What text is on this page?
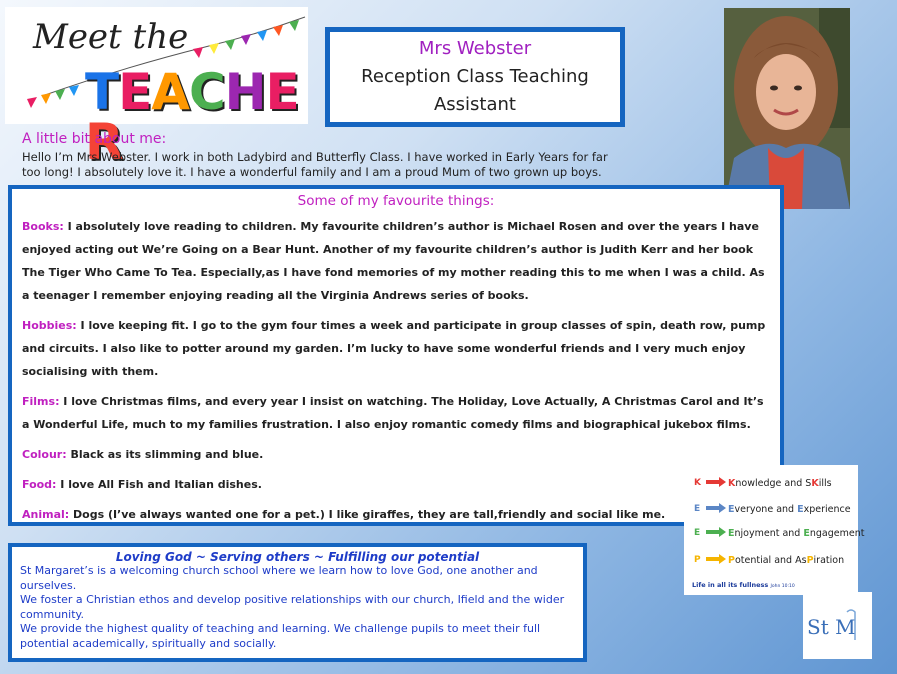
Meet the
TEACHER
Mrs Webster
Reception Class Teaching Assistant
A little bit about me:
Hello I’m Mrs Webster. I work in both Ladybird and Butterfly Class. I have worked in Early Years for far too long! I absolutely love it. I have a wonderful family and I am a proud Mum of two grown up boys.
Some of my favourite things:

Books: I absolutely love reading to children. My favourite children’s author is Michael Rosen and over the years I have enjoyed acting out We’re Going on a Bear Hunt. Another of my favourite children’s author is Judith Kerr and her book The Tiger Who Came To Tea. Especially,as I have fond memories of my mother reading this to me when I was a child. As a teenager I remember enjoying reading all the Virginia Andrews series of books.

Hobbies: I love keeping fit. I go to the gym four times a week and participate in group classes of spin, death row, pump and circuits. I also like to potter around my garden. I’m lucky to have some wonderful friends and I very much enjoy socialising with them.

Films: I love Christmas films, and every year I insist on watching. The Holiday, Love Actually, A Christmas Carol and It’s a Wonderful Life, much to my families frustration. I also enjoy romantic comedy films and biographical jukebox films.

Colour: Black as its slimming and blue.

Food: I love All Fish and Italian dishes.

Animal: Dogs (I’ve always wanted one for a pet.) I like giraffes, they are tall,friendly and social like me.

K	Knowledge and SKills
E	Everyone and Experience
E	Enjoyment and Engagement
P	Potential and AsPiration
Life in all its fullness John 10:10
Loving God ~ Serving others ~ Fulfilling our potential
St Margaret’s is a welcoming church school where we learn how to love God, one another and ourselves.
We foster a Christian ethos and develop positive relationships with our church, Ifield and the wider community.
We provide the highest quality of teaching and learning. We challenge pupils to meet their full potential academically, spiritually and socially.
St M
